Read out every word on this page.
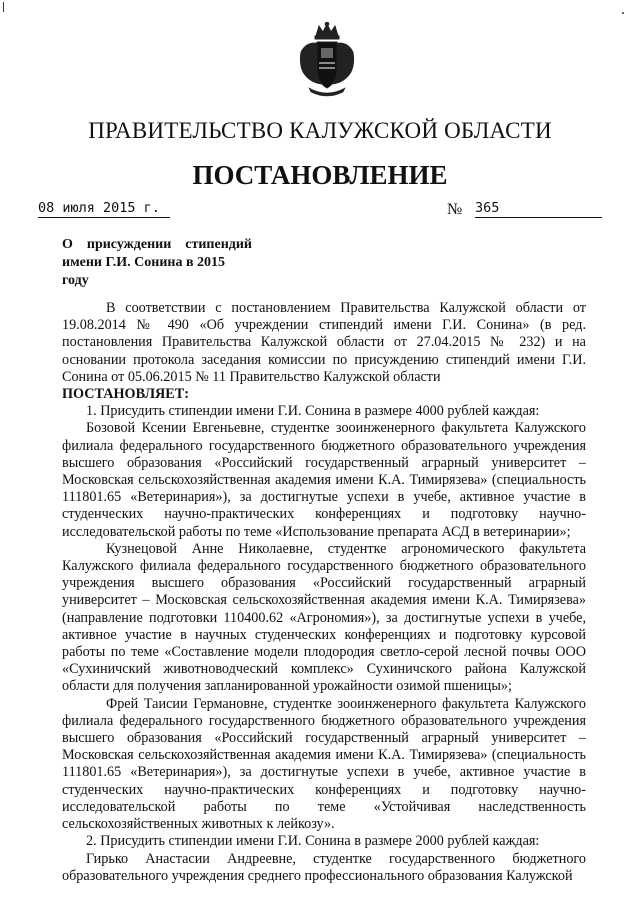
ПРАВИТЕЛЬСТВО КАЛУЖСКОЙ ОБЛАСТИ
ПОСТАНОВЛЕНИЕ
08 июля 2015 г.	№ 365
О присуждении стипендий
имени Г.И. Сонина в 2015 году

В соответствии с постановлением Правительства Калужской области от 19.08.2014 № 490 «Об учреждении стипендий имени Г.И. Сонина» (в ред. постановления Правительства Калужской области от 27.04.2015 № 232) и на основании протокола заседания комиссии по присуждению стипендий имени Г.И. Сонина от 05.06.2015 № 11 Правительство Калужской области

ПОСТАНОВЛЯЕТ:

1. Присудить стипендии имени Г.И. Сонина в размере 4000 рублей каждая:

Бозовой Ксении Евгеньевне, студентке зооинженерного факультета Калужского филиала федерального государственного бюджетного образовательного учреждения высшего образования «Российский государственный аграрный университет – Московская сельскохозяйственная академия имени К.А. Тимирязева» (специальность 111801.65 «Ветеринария»), за достигнутые успехи в учебе, активное участие в студенческих научно-практических конференциях и подготовку научно-исследовательской работы по теме «Использование препарата АСД в ветеринарии»;

Кузнецовой Анне Николаевне, студентке агрономического факультета Калужского филиала федерального государственного бюджетного образовательного учреждения высшего образования «Российский государственный аграрный университет – Московская сельскохозяйственная академия имени К.А. Тимирязева» (направление подготовки 110400.62 «Агрономия»), за достигнутые успехи в учебе, активное участие в научных студенческих конференциях и подготовку курсовой работы по теме «Составление модели плодородия светло-серой лесной почвы ООО «Сухиничский животноводческий комплекс» Сухиничского района Калужской области для получения запланированной урожайности озимой пшеницы»;

Фрей Таисии Германовне, студентке зооинженерного факультета Калужского филиала федерального государственного бюджетного образовательного учреждения высшего образования «Российский государственный аграрный университет – Московская сельскохозяйственная академия имени К.А. Тимирязева» (специальность 111801.65 «Ветеринария»), за достигнутые успехи в учебе, активное участие в студенческих научно-практических конференциях и подготовку научно-исследовательской работы по теме «Устойчивая наследственность сельскохозяйственных животных к лейкозу».

2. Присудить стипендии имени Г.И. Сонина в размере 2000 рублей каждая:

Гирько Анастасии Андреевне, студентке государственного бюджетного образовательного учреждения среднего профессионального образования Калужской
